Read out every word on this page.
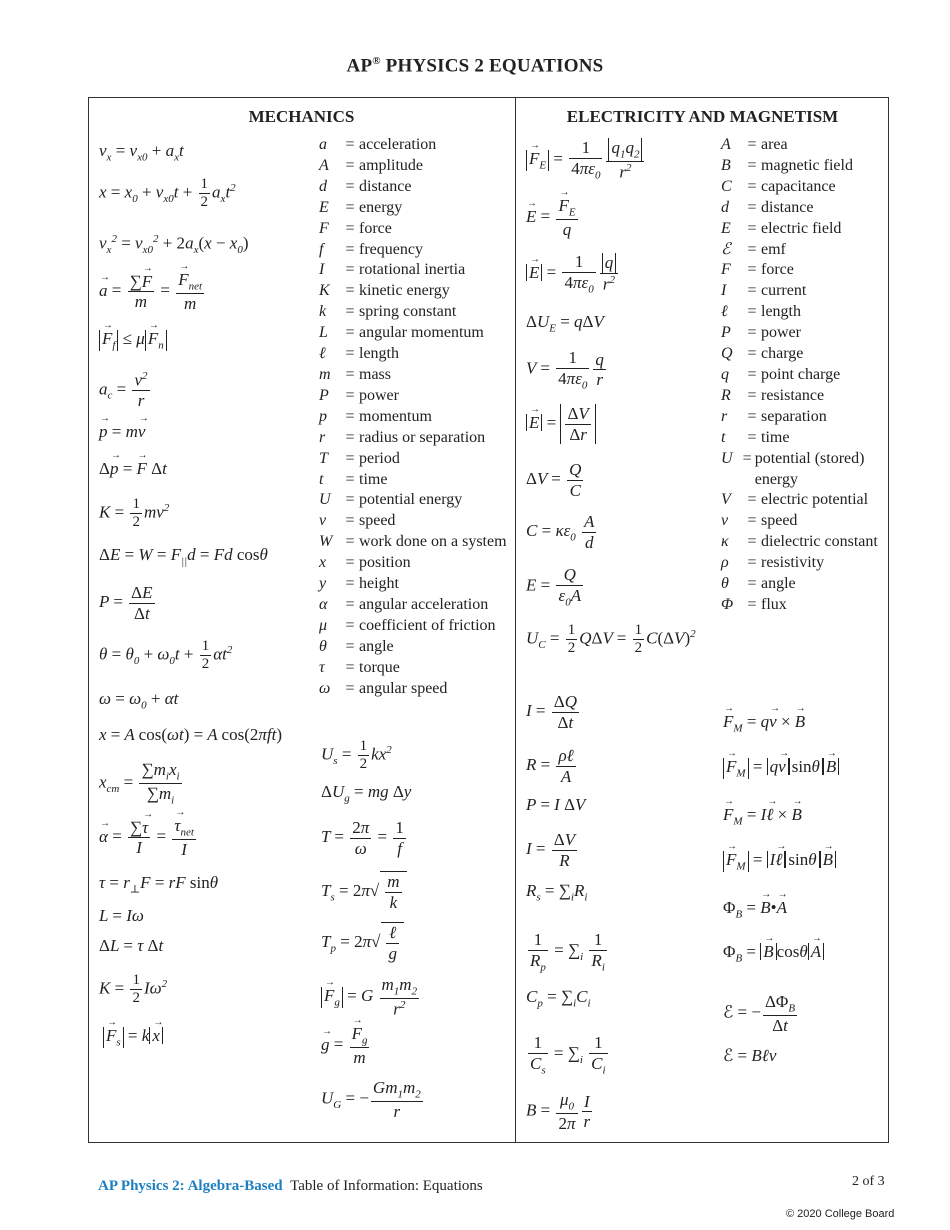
AP® PHYSICS 2 EQUATIONS
MECHANICS	ELECTRICITY AND MAGNETISM
$v_x = v_{x0} + a_xt$
$x = x_0 + v_{x0}t + \frac{1}{2} a_xt^2$
$v_x^2 = v_{x0}^2 + 2a_x(x - x_0)$
→ $a = \frac{\sum\to F}{m}$ =
→ $F_{net}$
m
→ $F_f \le \mu \to F_n$
$a_c = \frac{v^2}{r}$
→ p = m→ v
Δ→ p = → F Δt
$K = \frac{1}{2} mv^2$
$\Delta E = W = F_{||}d = Fd$ cosθ
$P = \frac{\Delta E}{\Delta t}$
$\theta = \theta_0 + \omega_0t + \frac{1}{2} \alpha t^2$
$\omega = \omega_0 + \alpha t$
x = A cos(ωt) = A cos(2πft)
$x_{cm}$ =
$\sum m_ix_i$
$\sum m_i$
→ $\alpha = \frac{\sum\to \tau}{I}$ =
→ $\tau_{net}$
I
$\tau = r_\perp F$ = rF sinθ
L = Iω
ΔL = τ Δt
$K = \frac{1}{2} I\omega^2$
→ $F_s = k \to x$
a	= acceleration
A	= amplitude
d	= distance
E	= energy
F	= force
f	= frequency
I	= rotational inertia
K = kinetic energy
k	= spring constant
L	= angular momentum
ℓ	= length
m = mass
P	= power
p	= momentum
r	= radius or separation
T	= period
t	= time
U = potential energy
v	= speed
W = work done on a system
x	= position
y	= height
α	= angular acceleration
μ	= coefficient of friction
θ	= angle
τ	= torque
ω = angular speed
$U_s = \frac{1}{2} kx^2$
$\Delta U_g$ = mg Δy
$T = \frac{2\pi}{\omega} = \frac{1}{f}$
$T_s = 2\pi√ \frac{m}{k}$
$T_p = 2\pi√$ ℓ
g
→ $F_g = G \frac{m_1m_2}{r^2}$
→ g = → $\frac{F_g}{m}$
$U_G$ = − $\frac{Gm_1m_2}{r}$
→ $F_E = \frac{1}{4\pi\varepsilon_0} \frac{q_1q_2}{r^2}$
→ E = → $\frac{F_E}{q}$
→ $E = \frac{1}{4\pi\varepsilon_0} \frac{q}{r^2}$
$\Delta U_E = q\Delta V$
$V = \frac{1}{4\pi\varepsilon_0} \frac{q}{r}$
→ $E = \frac{\Delta V}{\Delta r}$
$\Delta V = \frac{Q}{C}$
$C = \kappa\varepsilon_0 \frac{A}{d}$
$E = \frac{Q}{\varepsilon_0A}$
$U_C = \frac{1}{2}$ $Q\Delta V = \frac{1}{2} C(\Delta V)^2$
$I = \frac{\Delta Q}{\Delta t}$
R = ρℓ
A
P = I ΔV
$I = \frac{\Delta V}{R}$
$R_s = \sum_iR_i$
$\frac{1}{R_p} = \sum_i \frac{1}{R_i}$
$C_p = \sum_iC_i$
$\frac{1}{C_s} = \sum_i \frac{1}{C_i}$
$B = \frac{\mu_0}{2\pi} \frac{I}{r}$
A	= area
B	= magnetic field
C = capacitance
d	= distance
E	= electric field
ℰ	= emf
F	= force
I	= current
ℓ	= length
P	= power
Q = charge
q	= point charge
R	= resistance
r	= separation
t	= time
U = potential (stored) energy
V	= electric potential
v	= speed
κ	= dielectric constant
ρ	= resistivity
θ	= angle
Φ = flux
→ $F_M = q\to v$ × → B
→ $F_M = q\to v$ sinθ → B
→ $F_M = I\to$ ℓ × → B
→ $F_M = I\to$ ℓ sinθ → B
$\Phi_B$ = → B•→ A
$\Phi_B$ = → B cosθ → A
ℰ = −
$\Delta\Phi_B$
Δt
ℰ = Bℓv
AP Physics 2: Algebra-Based Table of Information: Equations	2 of 3
© 2020 College Board
